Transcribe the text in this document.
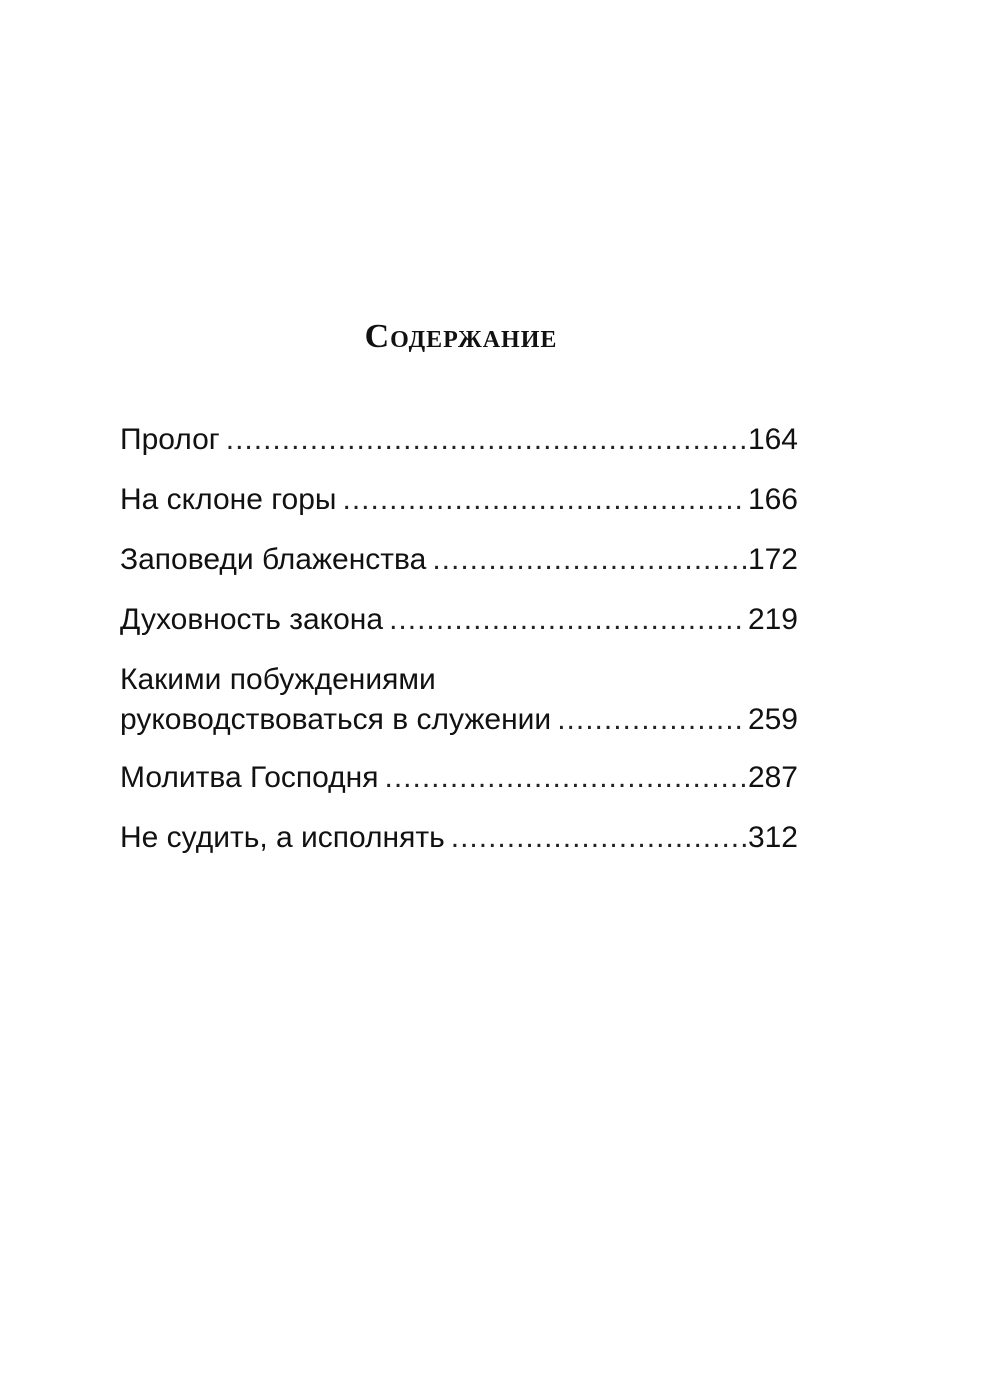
Содержание
Пролог .....	164
На склоне горы .....	166
Заповеди блаженства .....	172
Духовность закона .....	219
Какими побуждениями
руководствоваться в служении .....	259
Молитва Господня .....	287
Не судить, а исполнять .....	312
